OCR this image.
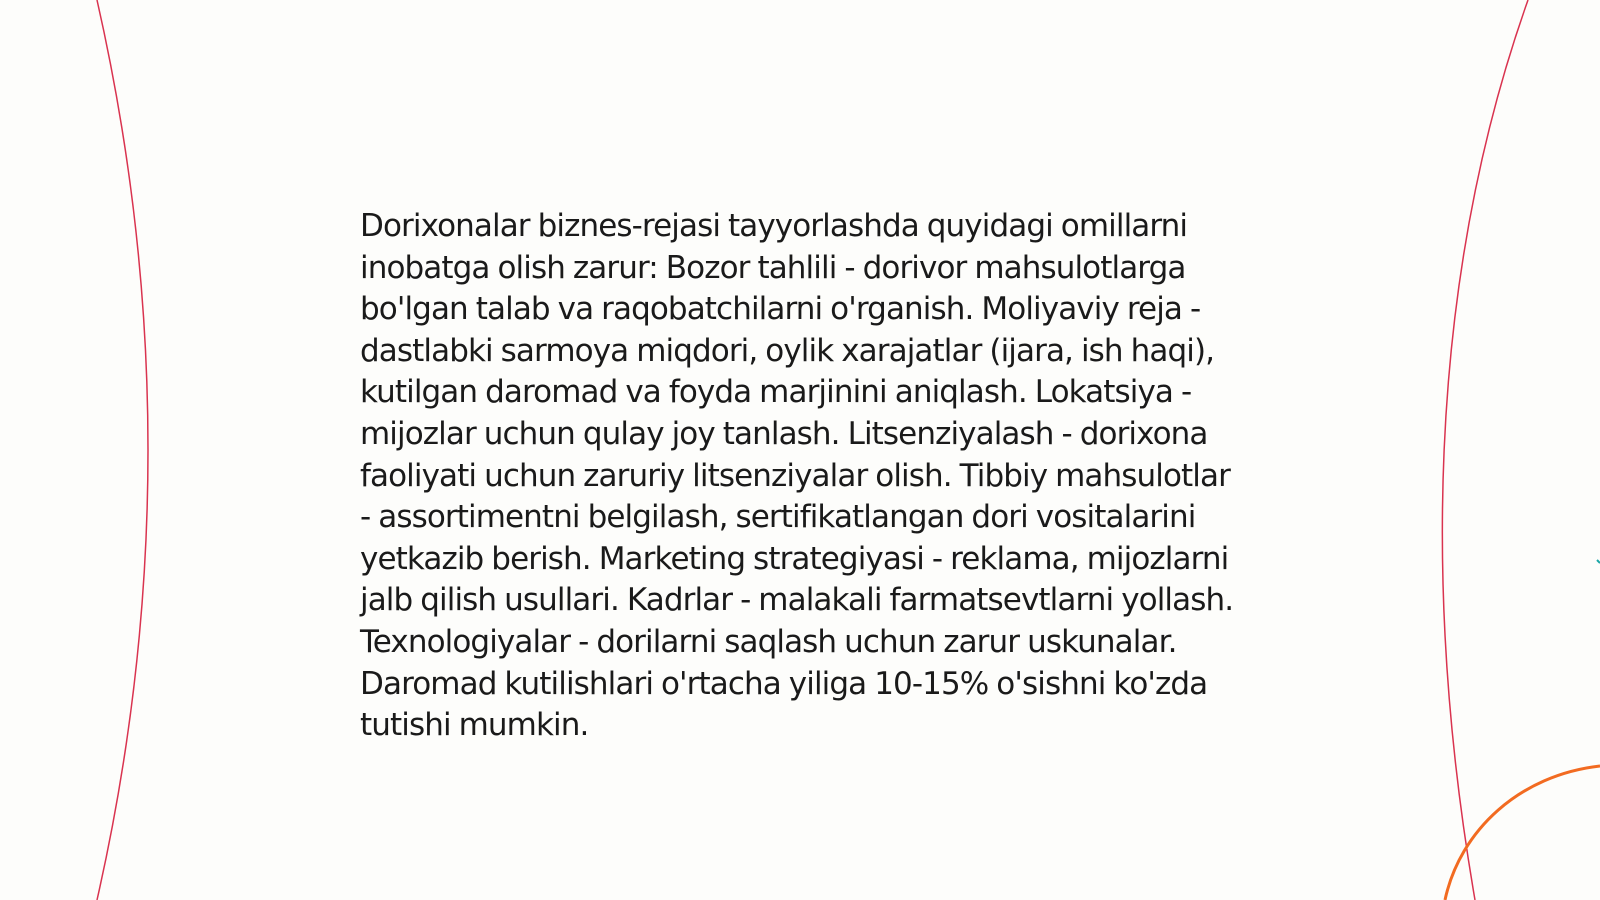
Dorixonalar biznes-rejasi tayyorlashda quyidagi omillarni inobatga olish zarur: Bozor tahlili - dorivor mahsulotlarga bo'lgan talab va raqobatchilarni o'rganish. Moliyaviy reja - dastlabki sarmoya miqdori, oylik xarajatlar (ijara, ish haqi), kutilgan daromad va foyda marjinini aniqlash. Lokatsiya - mijozlar uchun qulay joy tanlash. Litsenziyalash - dorixona faoliyati uchun zaruriy litsenziyalar olish. Tibbiy mahsulotlar - assortimentni belgilash, sertifikatlangan dori vositalarini yetkazib berish. Marketing strategiyasi - reklama, mijozlarni jalb qilish usullari. Kadrlar - malakali farmatsevtlarni yollash. Texnologiyalar - dorilarni saqlash uchun zarur uskunalar. Daromad kutilishlari o'rtacha yiliga 10-15% o'sishni ko'zda tutishi mumkin.
